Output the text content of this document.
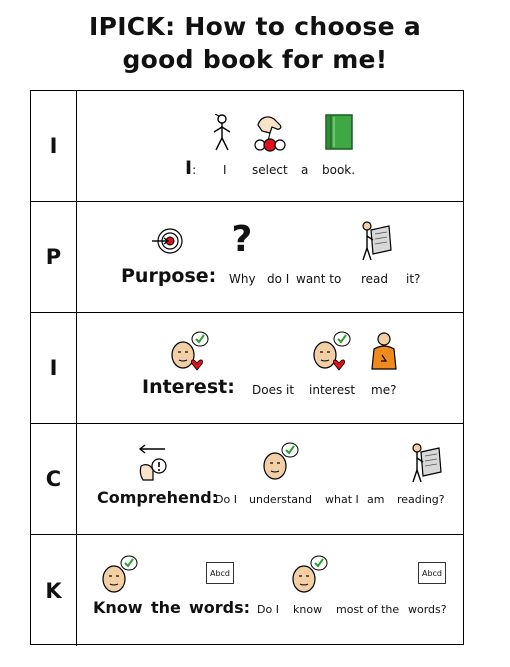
IPICK: How to choose a
good book for me!
I
I: I select a book.
P	?
Purpose: Why do I want to read it?
I
Interest: Does it interest me?
C
Comprehend:
Do I understand what I am reading?
K
Abcd	Abcd
Know the words: Do I know most of the words?
